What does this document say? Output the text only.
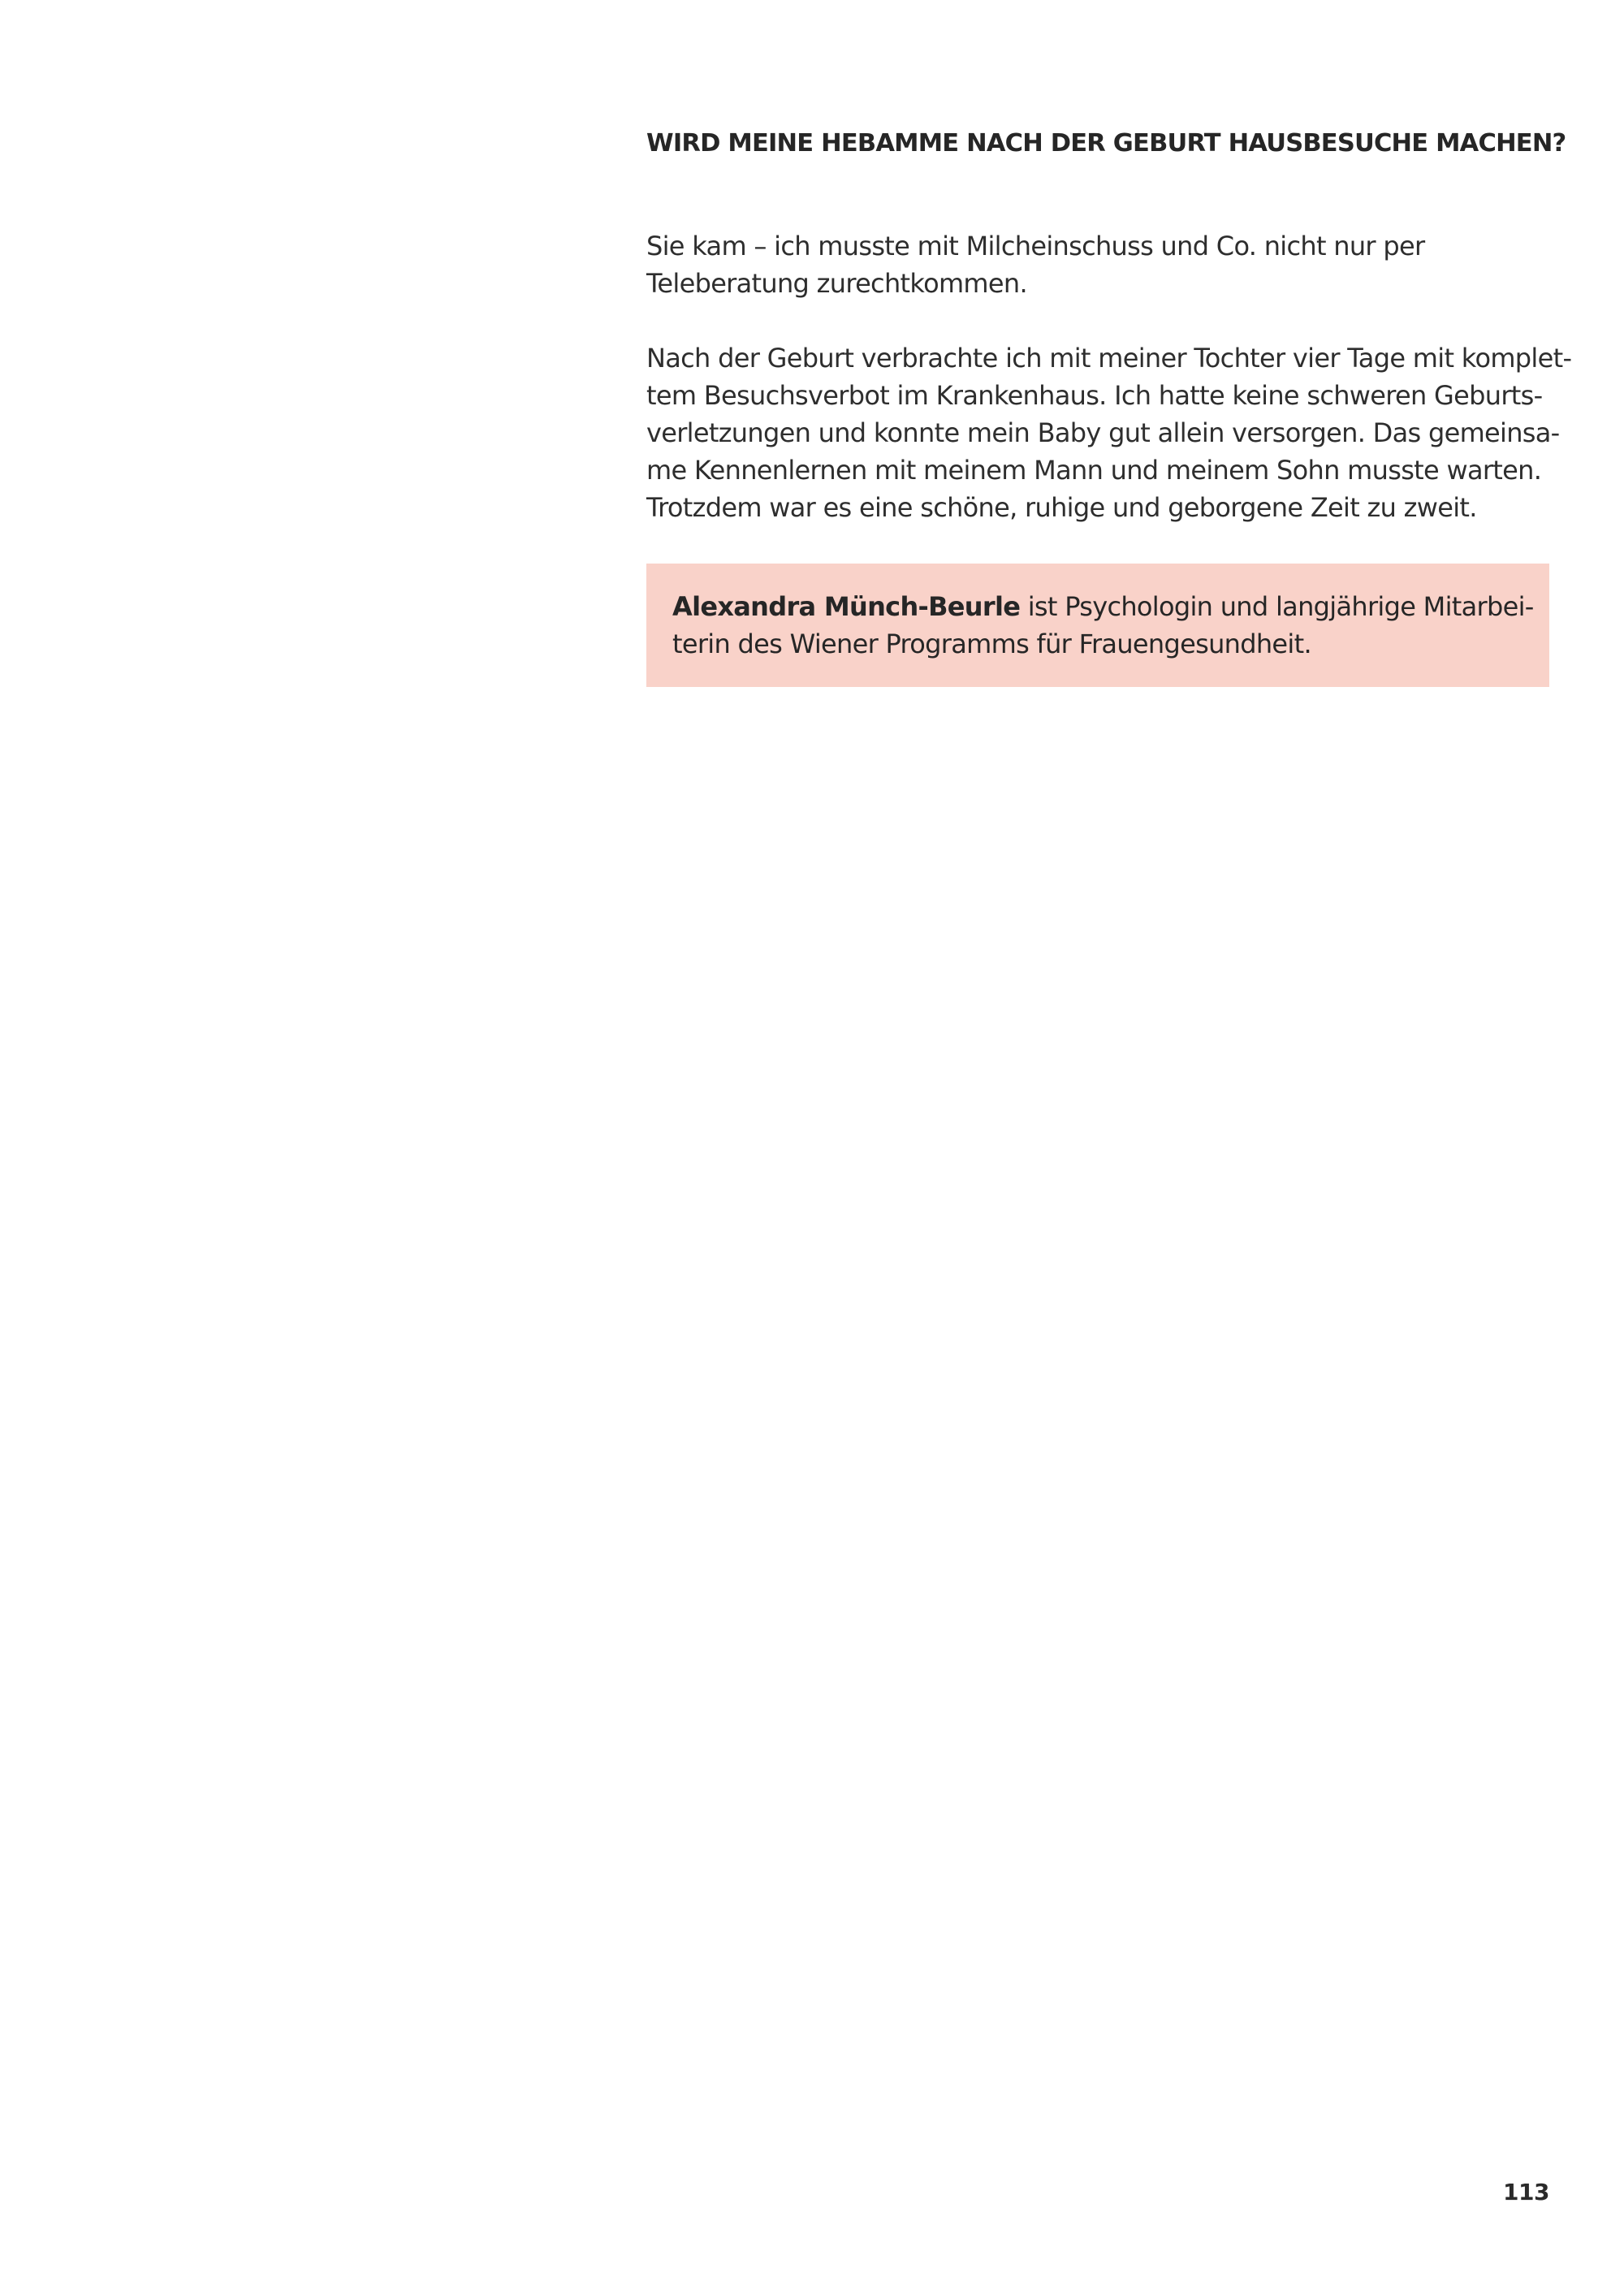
WIRD MEINE HEBAMME NACH DER GEBURT HAUSBESUCHE MACHEN?

Sie kam – ich musste mit Milcheinschuss und Co. nicht nur per
Teleberatung zurechtkommen.

Nach der Geburt verbrachte ich mit meiner Tochter vier Tage mit komplet-
tem Besuchsverbot im Krankenhaus. Ich hatte keine schweren Geburts-
verletzungen und konnte mein Baby gut allein versorgen. Das gemeinsa-
me Kennenlernen mit meinem Mann und meinem Sohn musste warten.
Trotzdem war es eine schöne, ruhige und geborgene Zeit zu zweit.

Alexandra Münch-Beurle ist Psychologin und langjährige Mitarbei-
terin des Wiener Programms für Frauengesundheit.

113
